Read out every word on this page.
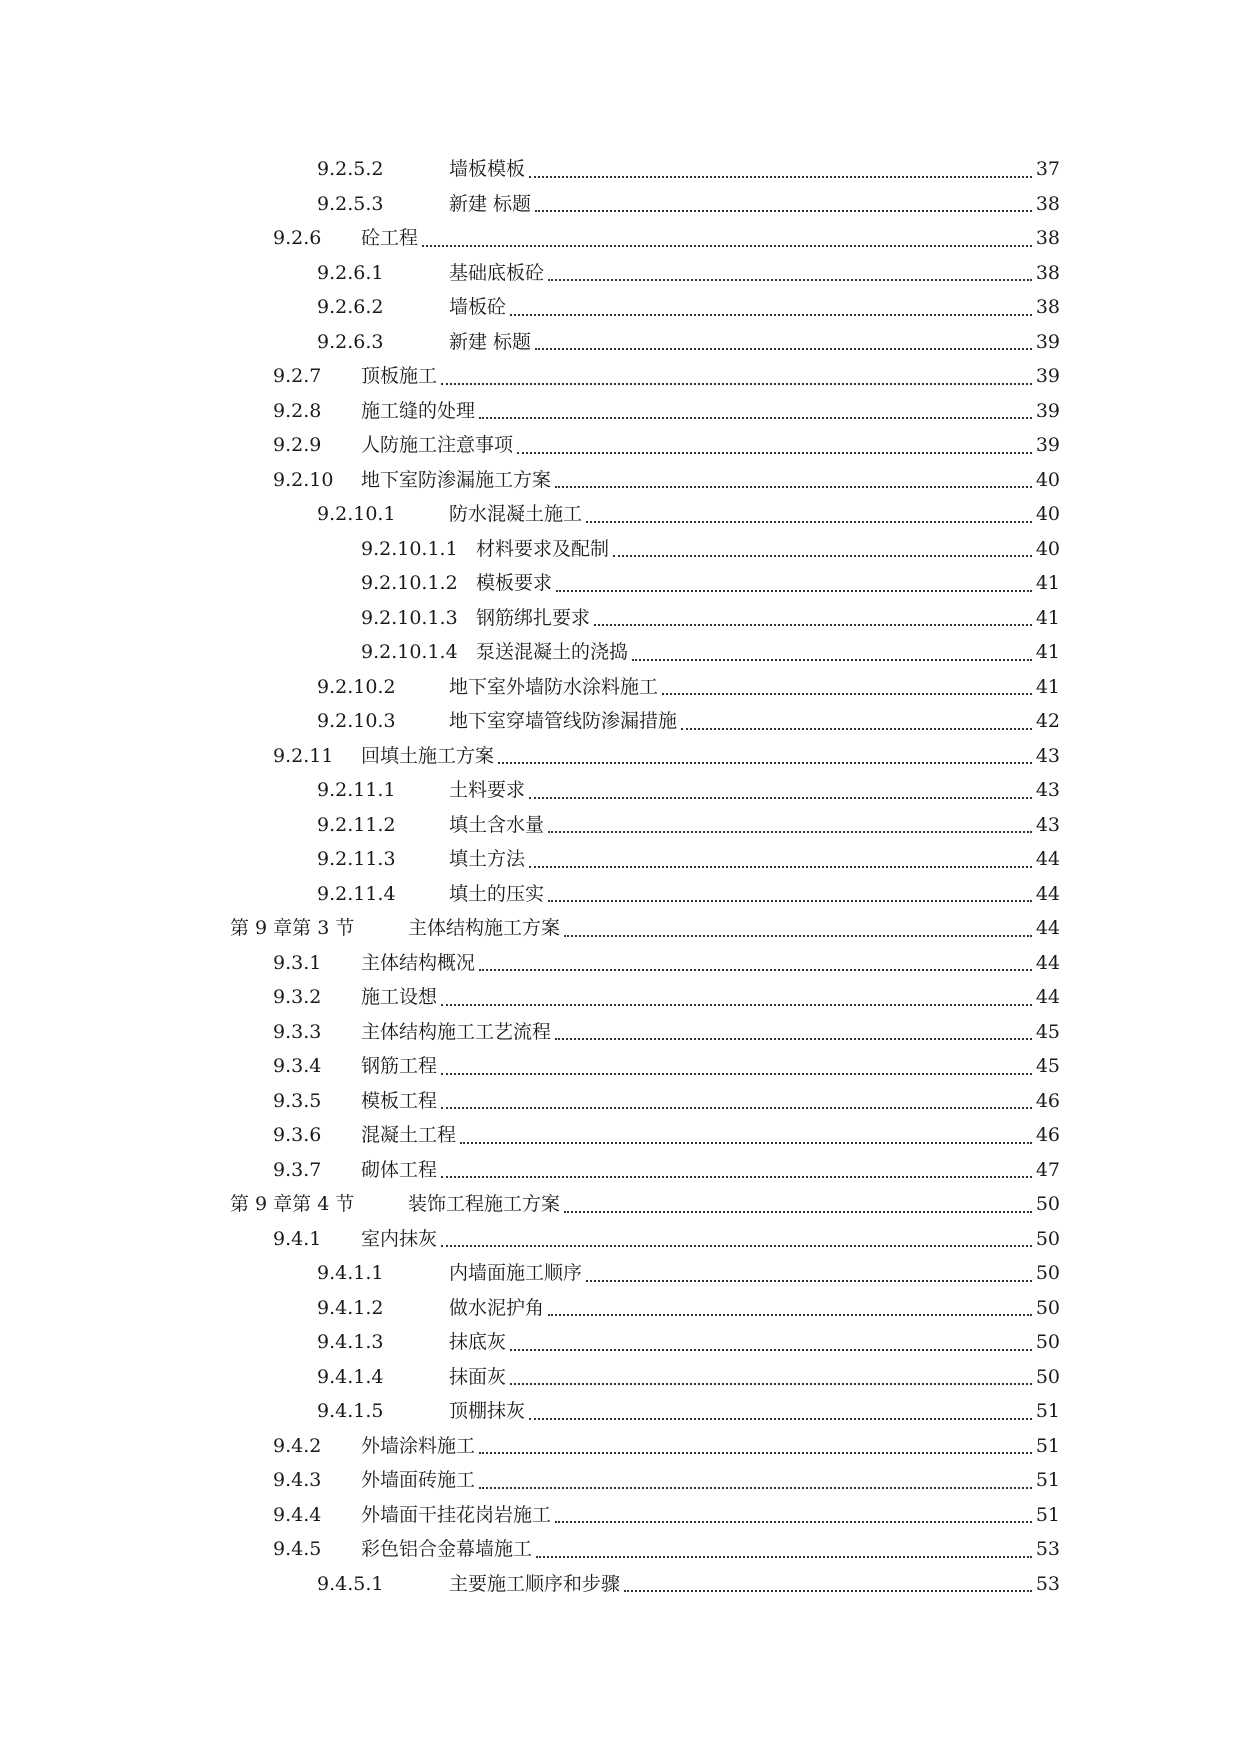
9.2.5.2	墙板模板	37
9.2.5.3	新建 标题	38
9.2.6	砼工程	38
9.2.6.1	基础底板砼	38
9.2.6.2	墙板砼	38
9.2.6.3	新建 标题	39
9.2.7	顶板施工	39
9.2.8	施工缝的处理	39
9.2.9	人防施工注意事项	39
9.2.10	地下室防渗漏施工方案	40
9.2.10.1	防水混凝土施工	40
9.2.10.1.1 材料要求及配制	40
9.2.10.1.2 模板要求	41
9.2.10.1.3 钢筋绑扎要求	41
9.2.10.1.4 泵送混凝土的浇捣	41
9.2.10.2	地下室外墙防水涂料施工	41
9.2.10.3	地下室穿墙管线防渗漏措施	42
9.2.11	回填土施工方案	43
9.2.11.1	土料要求	43
9.2.11.2	填土含水量	43
9.2.11.3	填土方法	44
9.2.11.4	填土的压实	44
第 9 章第 3 节	主体结构施工方案	44
9.3.1	主体结构概况	44
9.3.2	施工设想	44
9.3.3	主体结构施工工艺流程	45
9.3.4	钢筋工程	45
9.3.5	模板工程	46
9.3.6	混凝土工程	46
9.3.7	砌体工程	47
第 9 章第 4 节	装饰工程施工方案	50
9.4.1	室内抹灰	50
9.4.1.1	内墙面施工顺序	50
9.4.1.2	做水泥护角	50
9.4.1.3	抹底灰	50
9.4.1.4	抹面灰	50
9.4.1.5	顶棚抹灰	51
9.4.2	外墙涂料施工	51
9.4.3	外墙面砖施工	51
9.4.4	外墙面干挂花岗岩施工	51
9.4.5	彩色铝合金幕墙施工	53
9.4.5.1	主要施工顺序和步骤	53
